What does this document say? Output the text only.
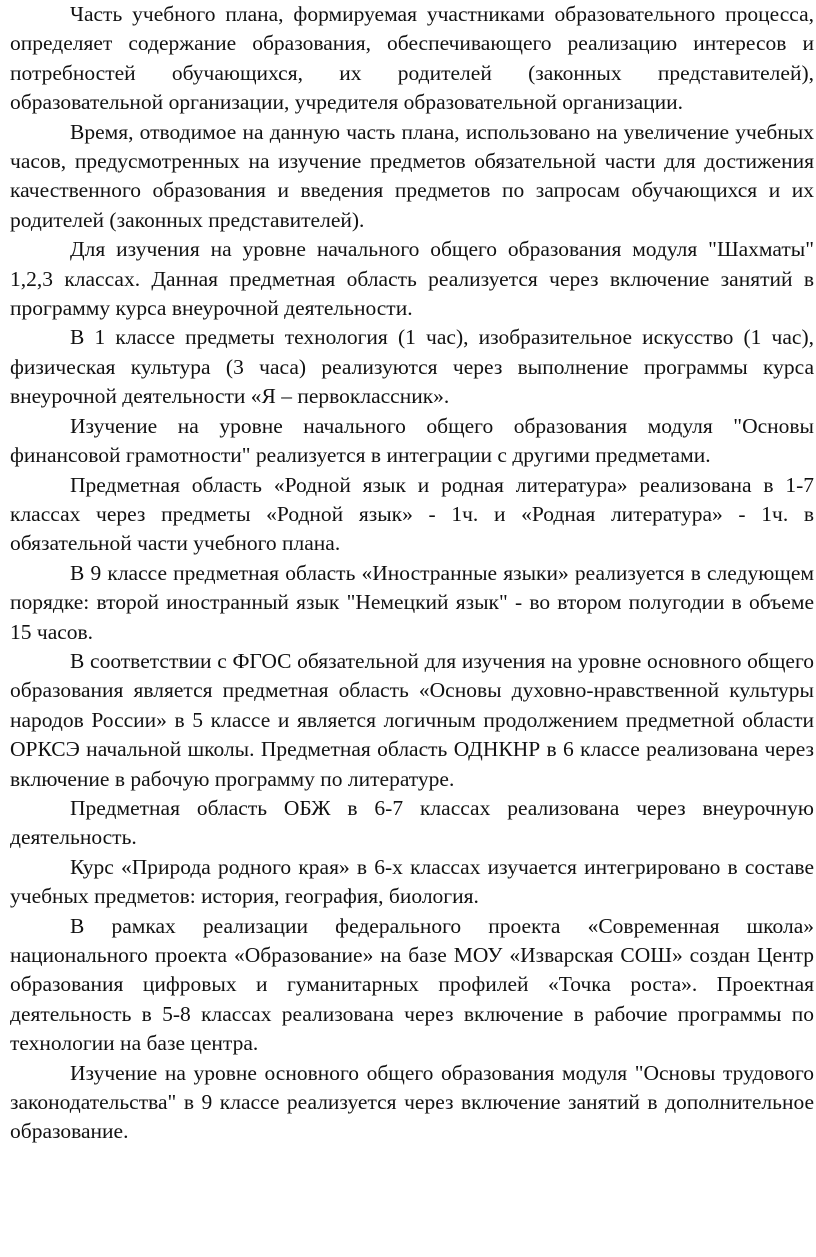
Часть учебного плана, формируемая участниками образовательного процесса, определяет содержание образования, обеспечивающего реализацию интересов и потребностей обучающихся, их родителей (законных представителей), образовательной организации, учредителя образовательной организации.

Время, отводимое на данную часть плана, использовано на увеличение учебных часов, предусмотренных на изучение предметов обязательной части для достижения качественного образования и введения предметов по запросам обучающихся и их родителей (законных представителей).

Для изучения на уровне начального общего образования модуля "Шахматы" 1,2,3 классах. Данная предметная область реализуется через включение занятий в программу курса внеурочной деятельности.

В 1 классе предметы технология (1 час), изобразительное искусство (1 час), физическая культура (3 часа) реализуются через выполнение программы курса внеурочной деятельности «Я – первоклассник».

Изучение на уровне начального общего образования модуля "Основы финансовой грамотности" реализуется в интеграции с другими предметами.

Предметная область «Родной язык и родная литература» реализована в 1-7 классах через предметы «Родной язык» - 1ч. и «Родная литература» - 1ч. в обязательной части учебного плана.

В 9 классе предметная область «Иностранные языки» реализуется в следующем порядке: второй иностранный язык "Немецкий язык" - во втором полугодии в объеме 15 часов.

В соответствии с ФГОС обязательной для изучения на уровне основного общего образования является предметная область «Основы духовно-нравственной культуры народов России» в 5 классе и является логичным продолжением предметной области ОРКСЭ начальной школы. Предметная область ОДНКНР в 6 классе реализована через включение в рабочую программу по литературе.

Предметная область ОБЖ в 6-7 классах реализована через внеурочную деятельность.

Курс «Природа родного края» в 6-х классах изучается интегрировано в составе учебных предметов: история, география, биология.

В рамках реализации федерального проекта «Современная школа» национального проекта «Образование» на базе МОУ «Изварская СОШ» создан Центр образования цифровых и гуманитарных профилей «Точка роста». Проектная деятельность в 5-8 классах реализована через включение в рабочие программы по технологии на базе центра.

Изучение на уровне основного общего образования модуля "Основы трудового законодательства" в 9 классе реализуется через включение занятий в дополнительное образование.
